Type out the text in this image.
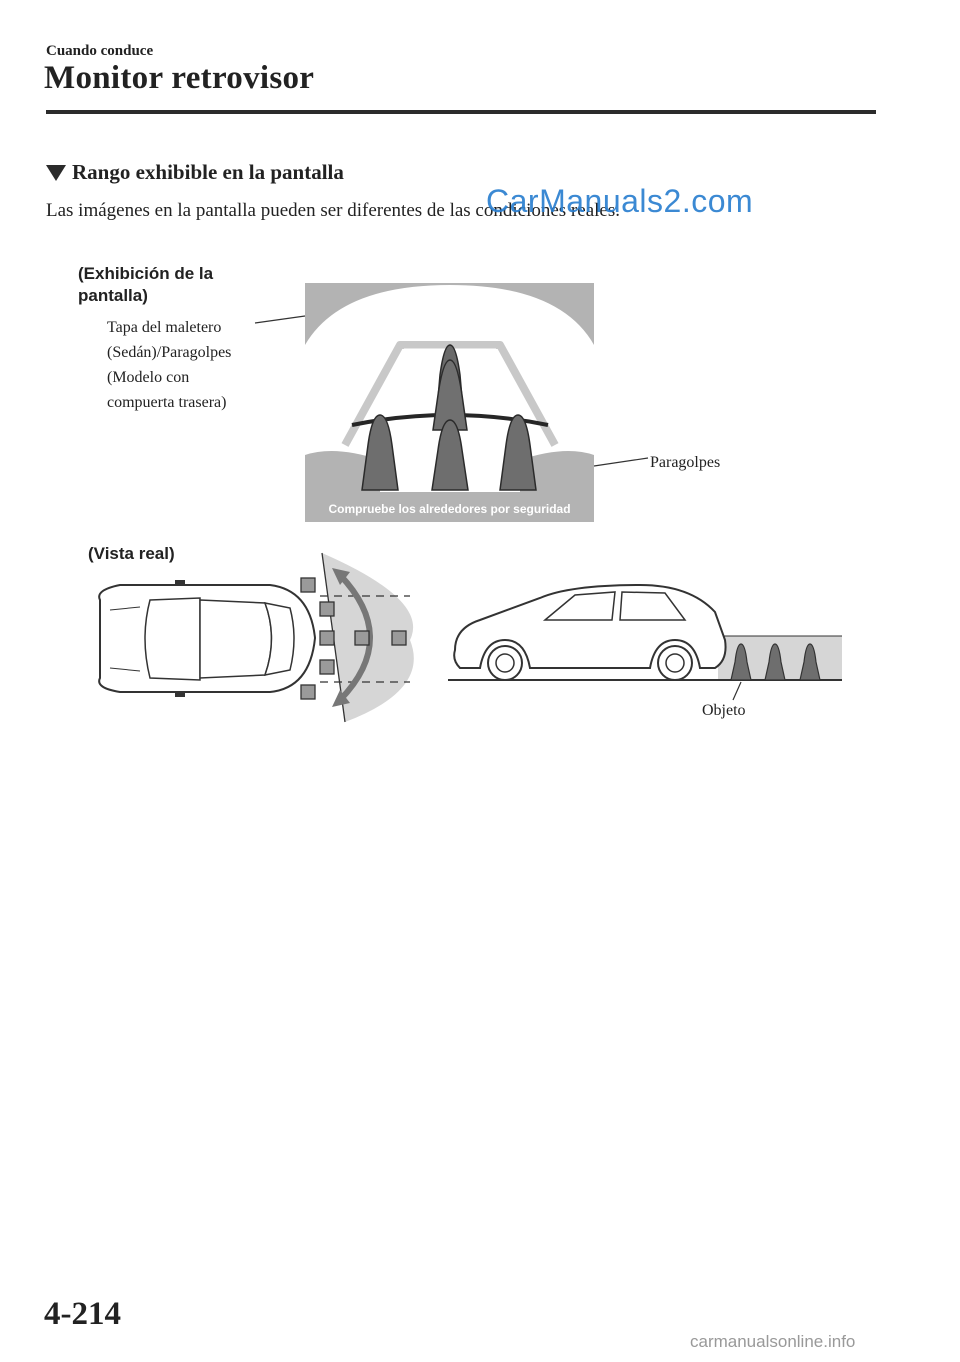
Cuando conduce
Monitor retrovisor
Rango exhibible en la pantalla
Las imágenes en la pantalla pueden ser diferentes de las condiciones reales.
CarManuals2.com
(Exhibición de la pantalla)
Tapa del maletero
(Sedán)/Paragolpes
(Modelo con
compuerta trasera)
Paragolpes
(Vista real)
Objeto
Compruebe los alrededores por seguridad
4-214
carmanualsonline.info
